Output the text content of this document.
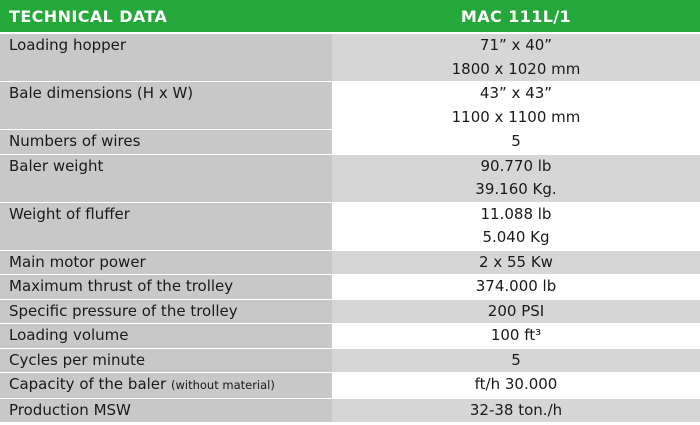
TECHNICAL DATA	MAC 111L/1
Loading hopper	71” x 40”
1800 x 1020 mm

Bale dimensions (H x W)	43” x 43”
1100 x 1100 mm

Numbers of wires	5
Baler weight	90.770 lb
39.160 Kg.

Weight of fluffer	11.088 lb
5.040 Kg

Main motor power	2 x 55 Kw
Maximum thrust of the trolley	374.000 lb
Specific pressure of the trolley	200 PSI
Loading volume	100 ft³
Cycles per minute	5
Capacity of the baler (without material)	ft/h 30.000
Production MSW	32-38 ton./h
